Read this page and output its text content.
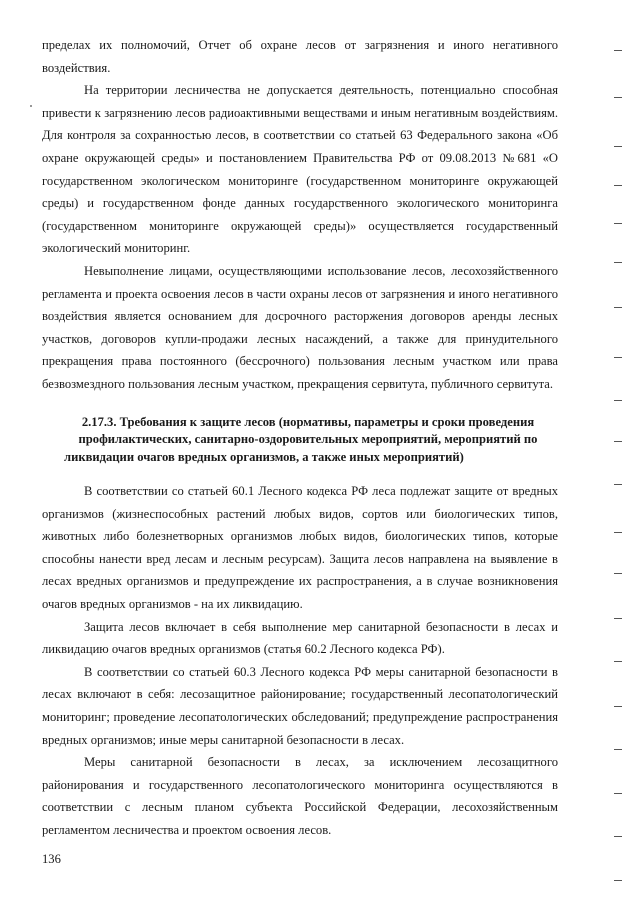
пределах их полномочий, Отчет об охране лесов от загрязнения и иного негативного воздействия.

На территории лесничества не допускается деятельность, потенциально способная привести к загрязнению лесов радиоактивными веществами и иным негативным воздействиям. Для контроля за сохранностью лесов, в соответствии со статьей 63 Федерального закона «Об охране окружающей среды» и постановлением Правительства РФ от 09.08.2013 №681 «О государственном экологическом мониторинге (государственном мониторинге окружающей среды) и государственном фонде данных государственного экологического мониторинга (государственном мониторинге окружающей среды)» осуществляется государственный экологический мониторинг.

Невыполнение лицами, осуществляющими использование лесов, лесохозяйственного регламента и проекта освоения лесов в части охраны лесов от загрязнения и иного негативного воздействия является основанием для досрочного расторжения договоров аренды лесных участков, договоров купли-продажи лесных насаждений, а также для принудительного прекращения права постоянного (бессрочного) пользования лесным участком или права безвозмездного пользования лесным участком, прекращения сервитута, публичного сервитута.

2.17.3. Требования к защите лесов (нормативы, параметры и сроки проведения профилактических, санитарно-оздоровительных мероприятий, мероприятий по ликвидации очагов вредных организмов, а также иных мероприятий)

В соответствии со статьей 60.1 Лесного кодекса РФ леса подлежат защите от вредных организмов (жизнеспособных растений любых видов, сортов или биологических типов, животных либо болезнетворных организмов любых видов, биологических типов, которые способны нанести вред лесам и лесным ресурсам). Защита лесов направлена на выявление в лесах вредных организмов и предупреждение их распространения, а в случае возникновения очагов вредных организмов - на их ликвидацию.

Защита лесов включает в себя выполнение мер санитарной безопасности в лесах и ликвидацию очагов вредных организмов (статья 60.2 Лесного кодекса РФ).

В соответствии со статьей 60.3 Лесного кодекса РФ меры санитарной безопасности в лесах включают в себя: лесозащитное районирование; государственный лесопатологический мониторинг; проведение лесопатологических обследований; предупреждение распространения вредных организмов; иные меры санитарной безопасности в лесах.

Меры санитарной безопасности в лесах, за исключением лесозащитного районирования и государственного лесопатологического мониторинга осуществляются в соответствии с лесным планом субъекта Российской Федерации, лесохозяйственным регламентом лесничества и проектом освоения лесов.

136
